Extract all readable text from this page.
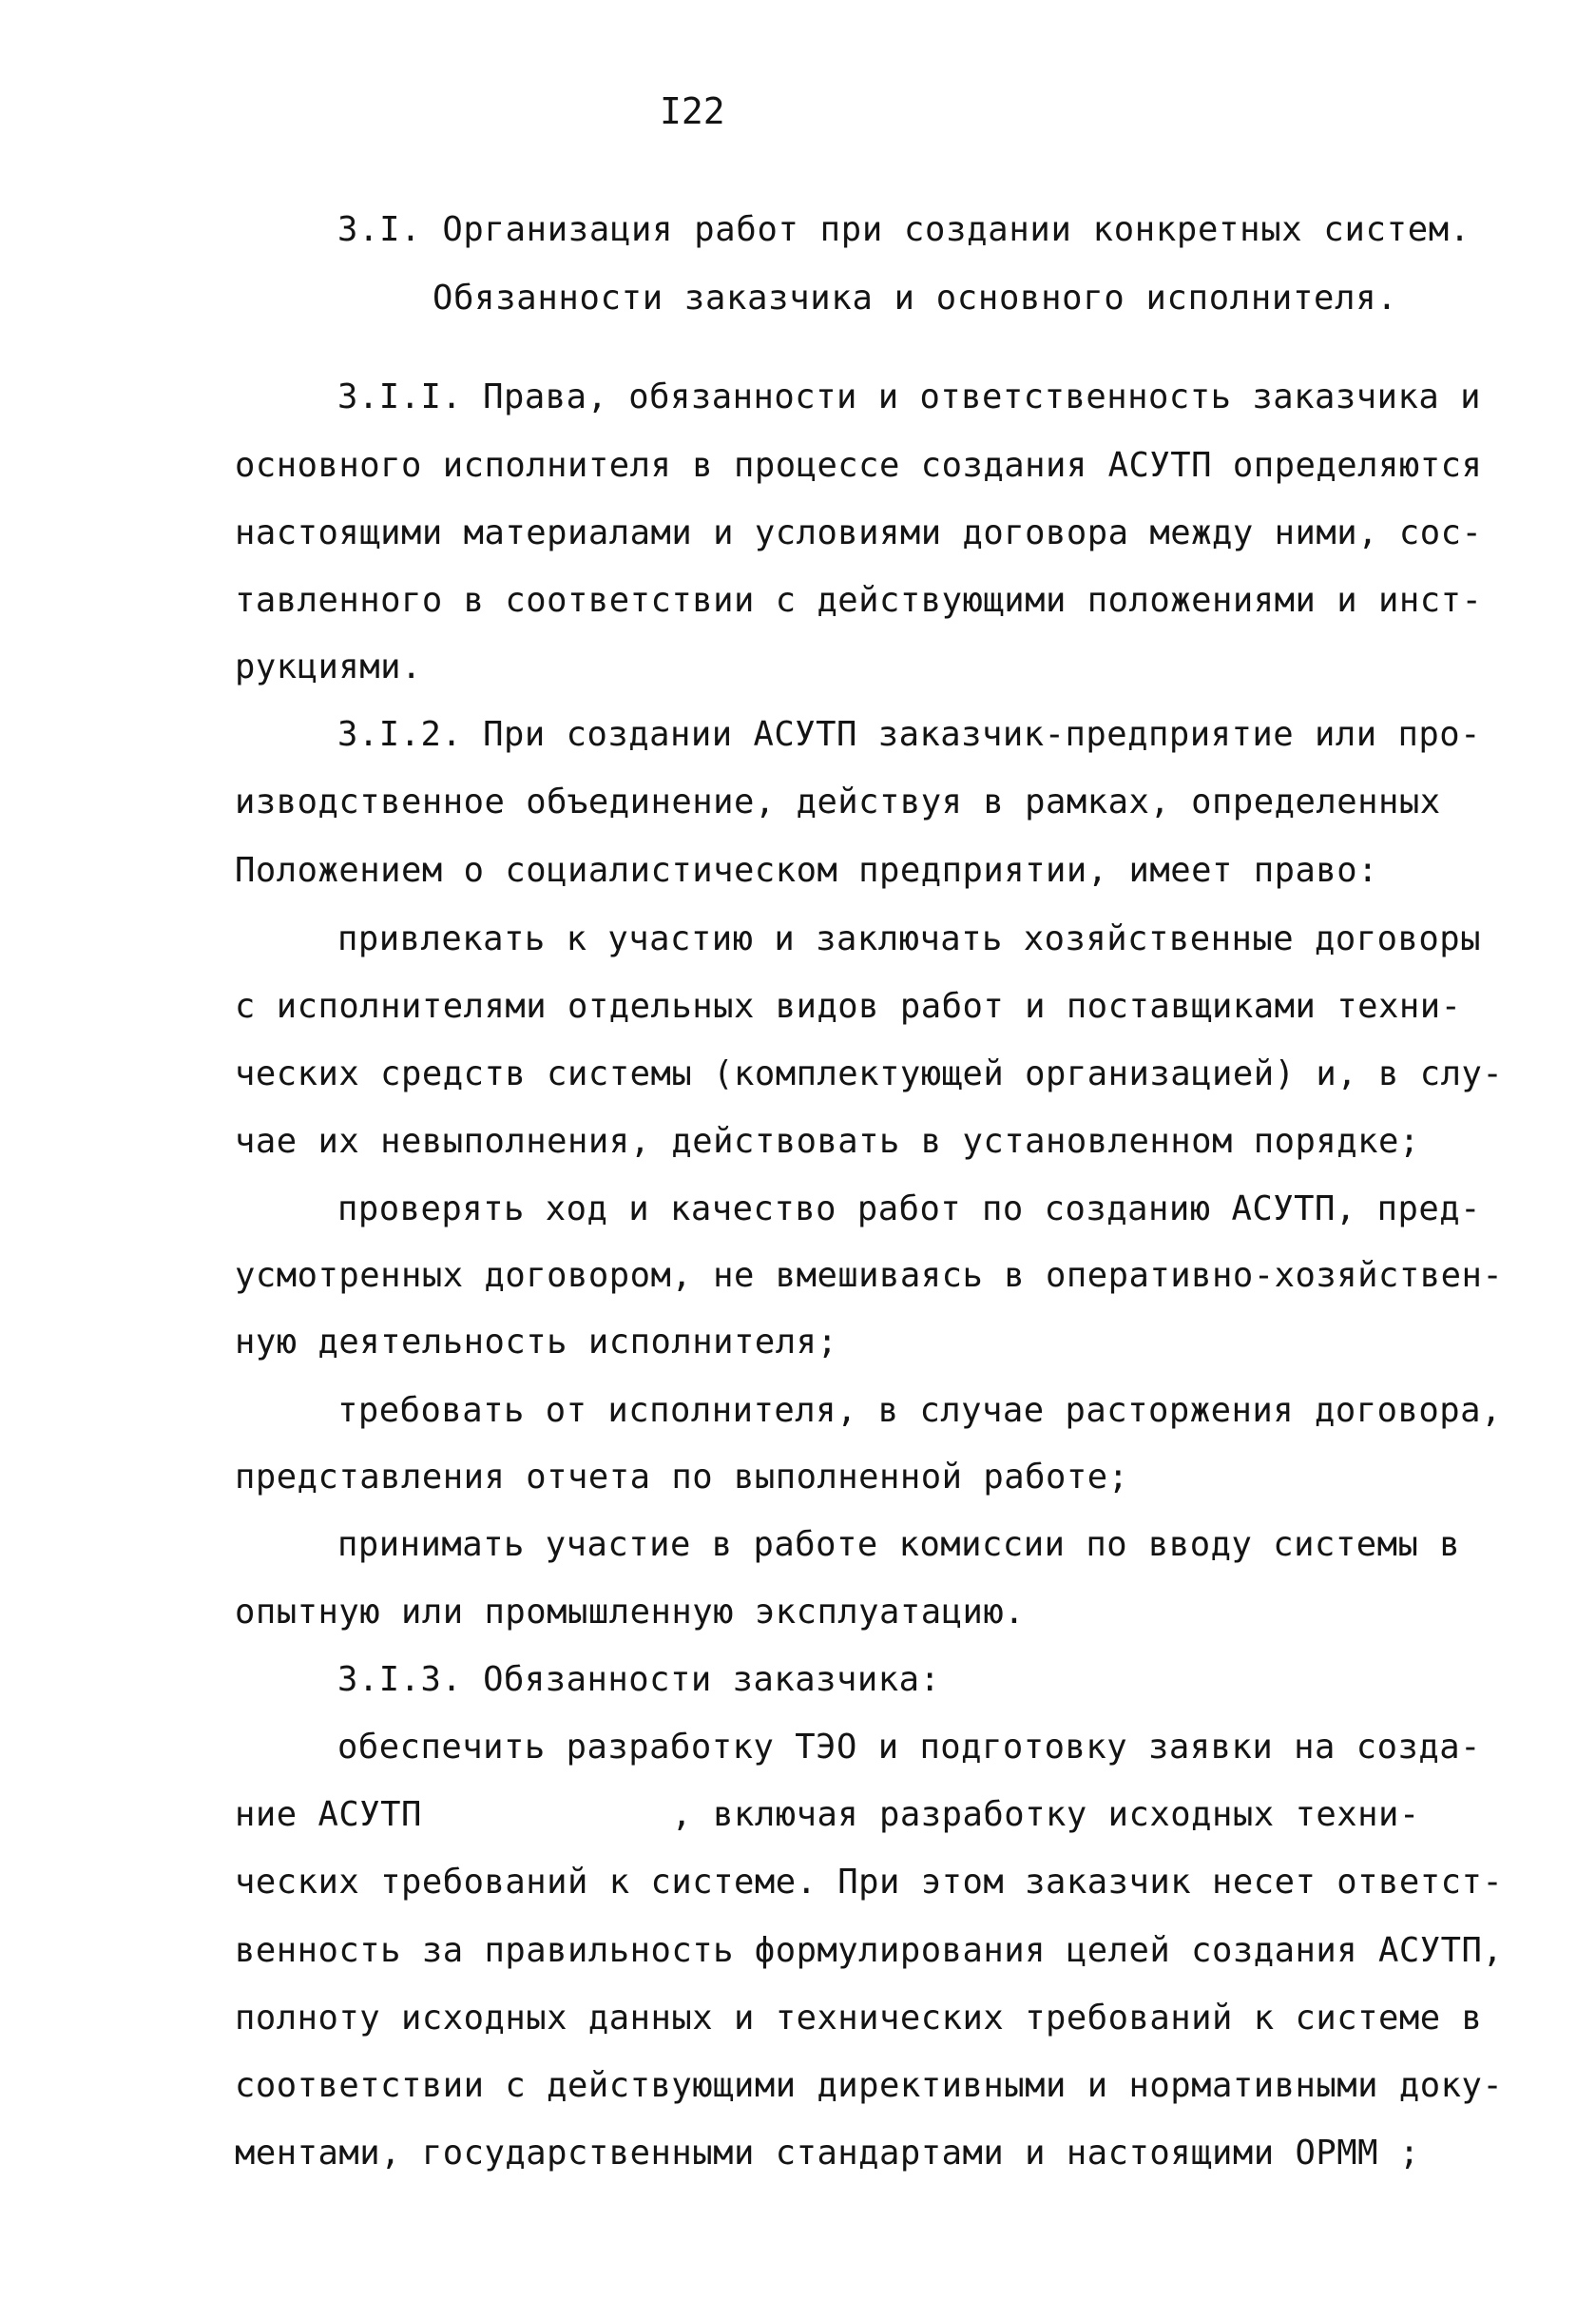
I22
3.I. Организация работ при создании конкретных систем.
Обязанности заказчика и основного исполнителя.
3.I.I. Права, обязанности и ответственность заказчика и
основного исполнителя в процессе создания АСУТП определяются
настоящими материалами и условиями договора между ними, сос-
тавленного в соответствии с действующими положениями и инст-
рукциями.
3.I.2. При создании АСУТП заказчик-предприятие или про-
изводственное объединение, действуя в рамках, определенных
Положением о социалистическом предприятии, имеет право:
привлекать к участию и заключать хозяйственные договоры
с исполнителями отдельных видов работ и поставщиками техни-
ческих средств системы (комплектующей организацией) и, в слу-
чае их невыполнения, действовать в установленном порядке;
проверять ход и качество работ по созданию АСУТП, пред-
усмотренных договором, не вмешиваясь в оперативно-хозяйствен-
ную деятельность исполнителя;
требовать от исполнителя, в случае расторжения договора,
представления отчета по выполненной работе;
принимать участие в работе комиссии по вводу системы в
опытную или промышленную эксплуатацию.
3.I.3. Обязанности заказчика:
обеспечить разработку ТЭО и подготовку заявки на созда-
ние АСУТП            , включая разработку исходных техни-
ческих требований к системе. При этом заказчик несет ответст-
венность за правильность формулирования целей создания АСУТП,
полноту исходных данных и технических требований к системе в
соответствии с действующими директивными и нормативными доку-
ментами, государственными стандартами и настоящими ОРММ ;
